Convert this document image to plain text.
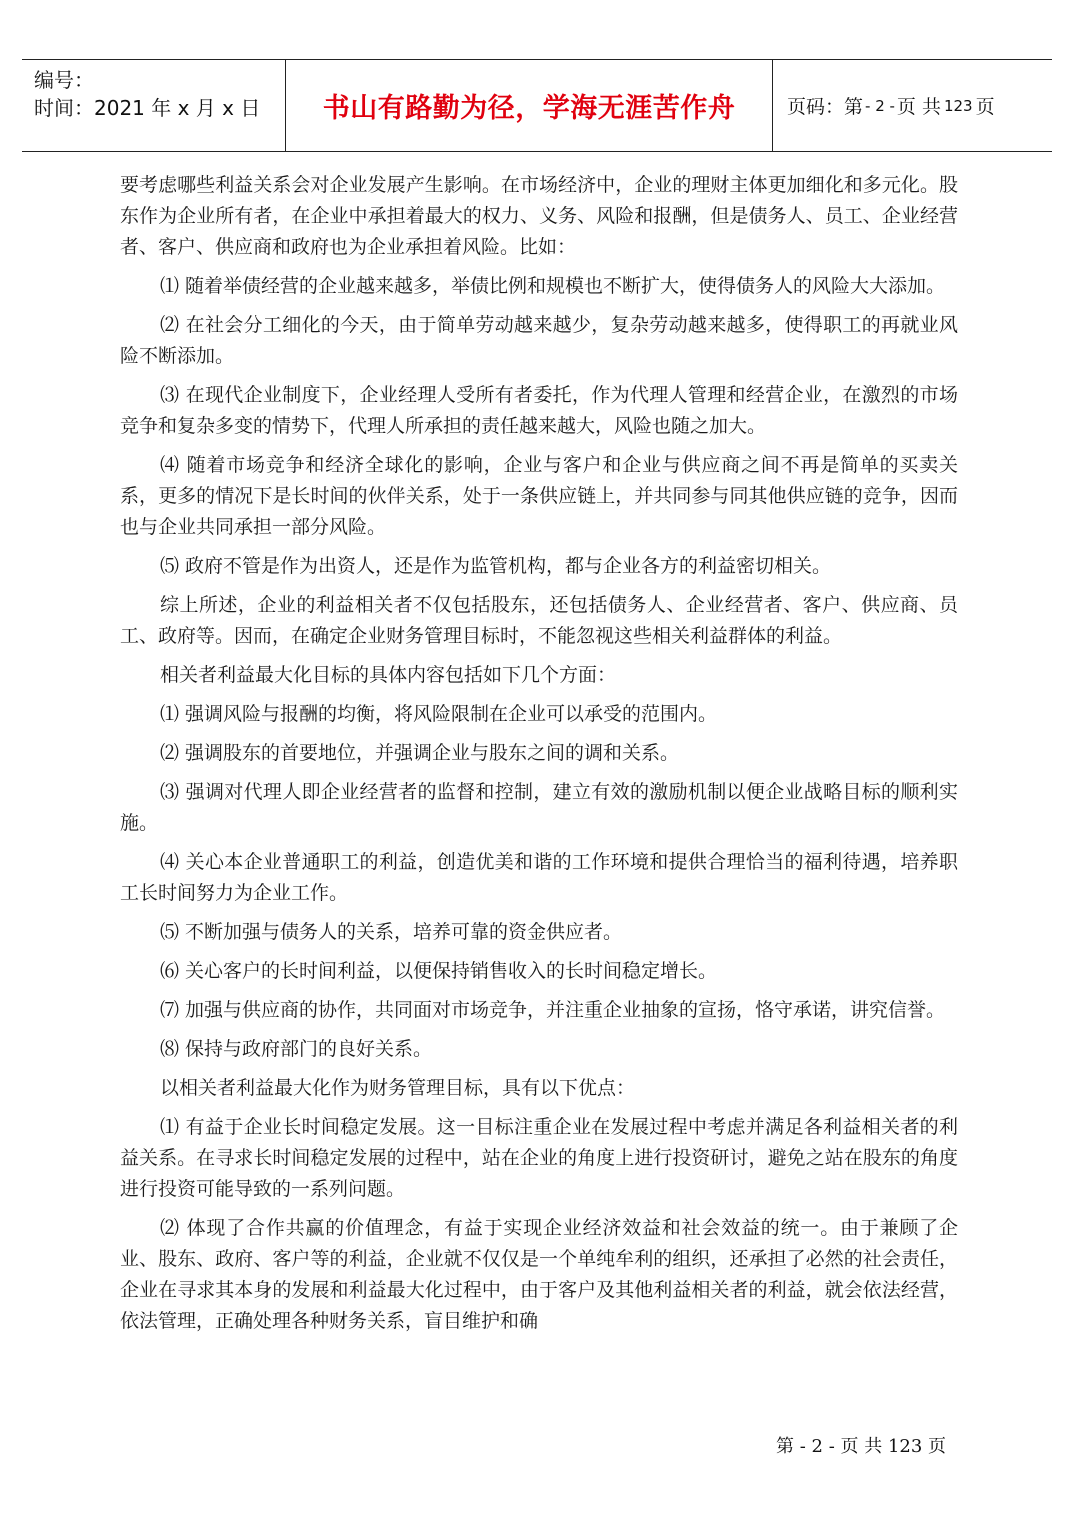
编号：
时间：2021 年 x 月 x 日	书山有路勤为径，学海无涯苦作舟	页码：第 - 2 - 页 共 123 页

要考虑哪些利益关系会对企业发展产生影响。在市场经济中，企业的理财主体更加细化和多元化。股东作为企业所有者，在企业中承担着最大的权力、义务、风险和报酬，但是债务人、员工、企业经营者、客户、供应商和政府也为企业承担着风险。比如：

⑴ 随着举债经营的企业越来越多，举债比例和规模也不断扩大，使得债务人的风险大大添加。

⑵ 在社会分工细化的今天，由于简单劳动越来越少，复杂劳动越来越多，使得职工的再就业风险不断添加。

⑶ 在现代企业制度下，企业经理人受所有者委托，作为代理人管理和经营企业，在激烈的市场竞争和复杂多变的情势下，代理人所承担的责任越来越大，风险也随之加大。

⑷ 随着市场竞争和经济全球化的影响，企业与客户和企业与供应商之间不再是简单的买卖关系，更多的情况下是长时间的伙伴关系，处于一条供应链上，并共同参与同其他供应链的竞争，因而也与企业共同承担一部分风险。

⑸ 政府不管是作为出资人，还是作为监管机构，都与企业各方的利益密切相关。

综上所述，企业的利益相关者不仅包括股东，还包括债务人、企业经营者、客户、供应商、员工、政府等。因而，在确定企业财务管理目标时，不能忽视这些相关利益群体的利益。

相关者利益最大化目标的具体内容包括如下几个方面：

⑴ 强调风险与报酬的均衡，将风险限制在企业可以承受的范围内。

⑵ 强调股东的首要地位，并强调企业与股东之间的调和关系。

⑶ 强调对代理人即企业经营者的监督和控制，建立有效的激励机制以便企业战略目标的顺利实施。

⑷ 关心本企业普通职工的利益，创造优美和谐的工作环境和提供合理恰当的福利待遇，培养职工长时间努力为企业工作。

⑸ 不断加强与债务人的关系，培养可靠的资金供应者。

⑹ 关心客户的长时间利益，以便保持销售收入的长时间稳定增长。

⑺ 加强与供应商的协作，共同面对市场竞争，并注重企业抽象的宣扬，恪守承诺，讲究信誉。

⑻ 保持与政府部门的良好关系。

以相关者利益最大化作为财务管理目标，具有以下优点：

⑴ 有益于企业长时间稳定发展。这一目标注重企业在发展过程中考虑并满足各利益相关者的利益关系。在寻求长时间稳定发展的过程中，站在企业的角度上进行投资研讨，避免之站在股东的角度进行投资可能导致的一系列问题。

⑵ 体现了合作共赢的价值理念，有益于实现企业经济效益和社会效益的统一。由于兼顾了企业、股东、政府、客户等的利益，企业就不仅仅是一个单纯牟利的组织，还承担了必然的社会责任，企业在寻求其本身的发展和利益最大化过程中，由于客户及其他利益相关者的利益，就会依法经营，依法管理，正确处理各种财务关系，盲目维护和确

第 - 2 - 页 共 123 页
